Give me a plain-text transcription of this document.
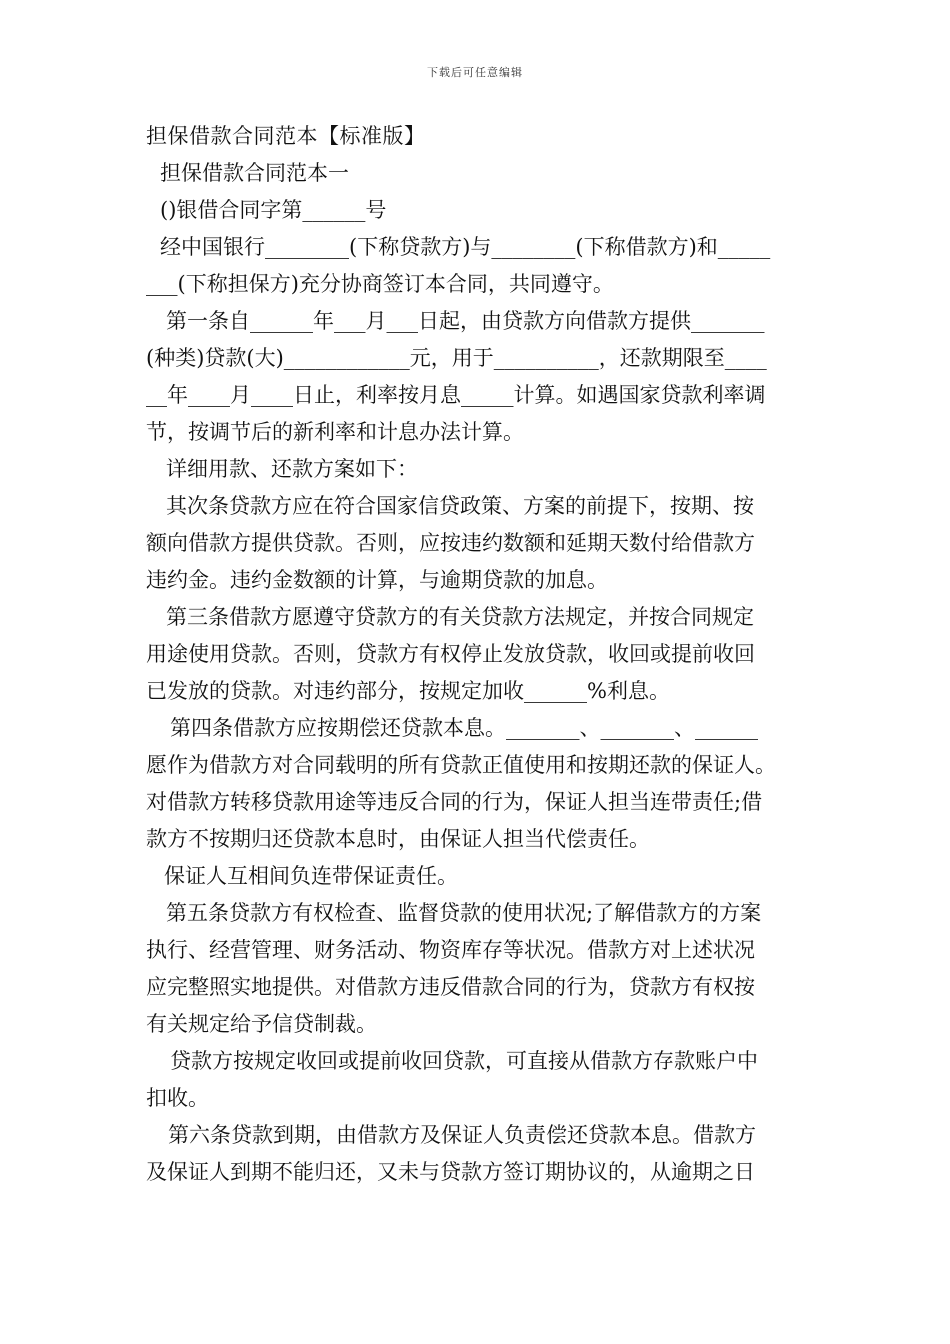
下载后可任意编辑
担保借款合同范本【标准版】
担保借款合同范本一
()银借合同字第______号
经中国银行________(下称贷款方)与________(下称借款方)和_____
___(下称担保方)充分协商签订本合同，共同遵守。
第一条自______年___月___日起，由贷款方向借款方提供_______
(种类)贷款(大)____________元，用于__________，还款期限至____
__年____月____日止，利率按月息_____计算。如遇国家贷款利率调
节，按调节后的新利率和计息办法计算。
详细用款、还款方案如下：
其次条贷款方应在符合国家信贷政策、方案的前提下，按期、按
额向借款方提供贷款。否则，应按违约数额和延期天数付给借款方
违约金。违约金数额的计算，与逾期贷款的加息。
第三条借款方愿遵守贷款方的有关贷款方法规定，并按合同规定
用途使用贷款。否则，贷款方有权停止发放贷款，收回或提前收回
已发放的贷款。对违约部分，按规定加收______%利息。
第四条借款方应按期偿还贷款本息。_______、_______、______
愿作为借款方对合同载明的所有贷款正值使用和按期还款的保证人。
对借款方转移贷款用途等违反合同的行为，保证人担当连带责任;借
款方不按期归还贷款本息时，由保证人担当代偿责任。
保证人互相间负连带保证责任。
第五条贷款方有权检查、监督贷款的使用状况;了解借款方的方案
执行、经营管理、财务活动、物资库存等状况。借款方对上述状况
应完整照实地提供。对借款方违反借款合同的行为，贷款方有权按
有关规定给予信贷制裁。
贷款方按规定收回或提前收回贷款，可直接从借款方存款账户中
扣收。
第六条贷款到期，由借款方及保证人负责偿还贷款本息。借款方
及保证人到期不能归还，又未与贷款方签订期协议的，从逾期之日
